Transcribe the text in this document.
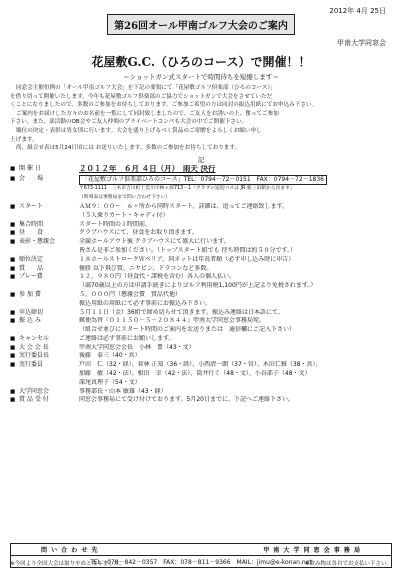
2012年 4月 25日
第26回オール甲南ゴルフ大会のご案内
甲南大学同窓会
花屋敷G.C.（ひろのコース）で開催！！
＝ショットガン式スタートで時間待ちを短縮します＝

同窓会主催恒例の「オール甲南ゴルフ大会」を下記の要領にて「花屋敷ゴルフ倶楽部（ひろのコース）」

を借り切って開催いたします。今年も花屋敷ゴルフ倶楽部のご協力でショットガンで大会をさせていただ

くことになりましたので、多数のご参加をお待ちしております。ご参加ご希望の方は同封の振込用紙にてお申込み下さい。

ご案内をお届けした方々のお名前を一覧にして同封致しましたので、ご友人をお誘いの上、奮ってご参加

下さい。また、部活動のOB会やご友人仲間のプライベートコンペも大会の中でご開催下さい。

順位の決定・表彰は男女別に行います。大会を盛り上げるべく賞品のご寄贈をよろしくお願い申し

上げます。

尚、組合せ表は5月24日頃には お送りいたします。多数のご参加をお待ちしております。

記
■ 開 催 日	２０１２年　６月 ４日（月）　雨天 決行
■ 会　　場	「花屋敷ゴルフ倶楽部ひろのコース」TEL：0794－72－0151　FAX：0794－72－1836
〒673-1111　三木市吉川町上荒川字林ヶ原713－1「クラブの送迎バスは JR 新三田駅から出ます」
（時刻表は事務局まで問い合わせ下さい）
■ スタート	ＡＭ９：００～　６ヶ所から同時スタート。詳細は、追ってご連絡致します。
（５人乗りカート・キャディ付）
■ 集合時間	スタート時間の１時間前。
■ 昼　　食	クラブハウスにて、昼食をお取り頂きます。
■ 表彰・懇親会	全競ホールアウト後 クラブハウスにて盛大に行います。
皆さん是非ご参加ください。（トップスタート組でも 待ち時間は約５０分です。）
■ 順位決定	１８ホールストロークＷペリア。同ネットは年長者順（必ず申し込み時に申告）
■ 賞　　品	優勝 以下飛び賞、ニヤピン、ドラコンなど多数。
■ プレー費	１２，９８０円（昼食代・諸税を含む）各人の個人払い。
（満70歳以上の方は申請手続きによりゴルフ利用税1,100円が上記より免税されます。）
■ 参 加 費	５，０００円（懇親会費　賞品代他）
振込用紙の用紙にて必ず事前にお振込み下さい。
■ 申込締切	５月１１日（金）36組で締め切らせて頂きます。振込み連絡は日本語にて。
■ 振 込 み	郵便為替『０１１５０－５－２０８４４』甲南大学同窓会事務局宛。
（組合せ並びにスタート時間のご案内をお送りまたは　通信欄にご記入下さい）
■ キャンセル	ご連絡は必ず事前にお願いします。
■ 大 会 会 長	甲南大学同窓会会長　小林　豊（43・文）
■ 実行委員長	後藤　泰三（40・営）
■ 実行委員	戸田　仁（32・経）、菅林 正知（36・経）、小西清一朗（37・営）、木田仁雅（38・営）、
加藤　敏（42・法）、相田　幸（42・法）、筒井行ぐ（48・文）、小谷部子（48・文）
深尾真理子（54・文）
■ 大学同窓会	事務部長・山本 敏雄（43・経）
■ 賞 品 受 付	同窓会事務局にて受け付けております。5月20日までに、下記へご連絡下さい。
問 い 合 わ せ 先	甲 南 大 学 同 窓 会 事 務 局
TEL：078－842－0357　FAX：078－811－9366　MAIL：jimu@e-konan.net
※今回より全国大会は取りやめとなりました。	※飲み物は各自でお支払い下さい。
